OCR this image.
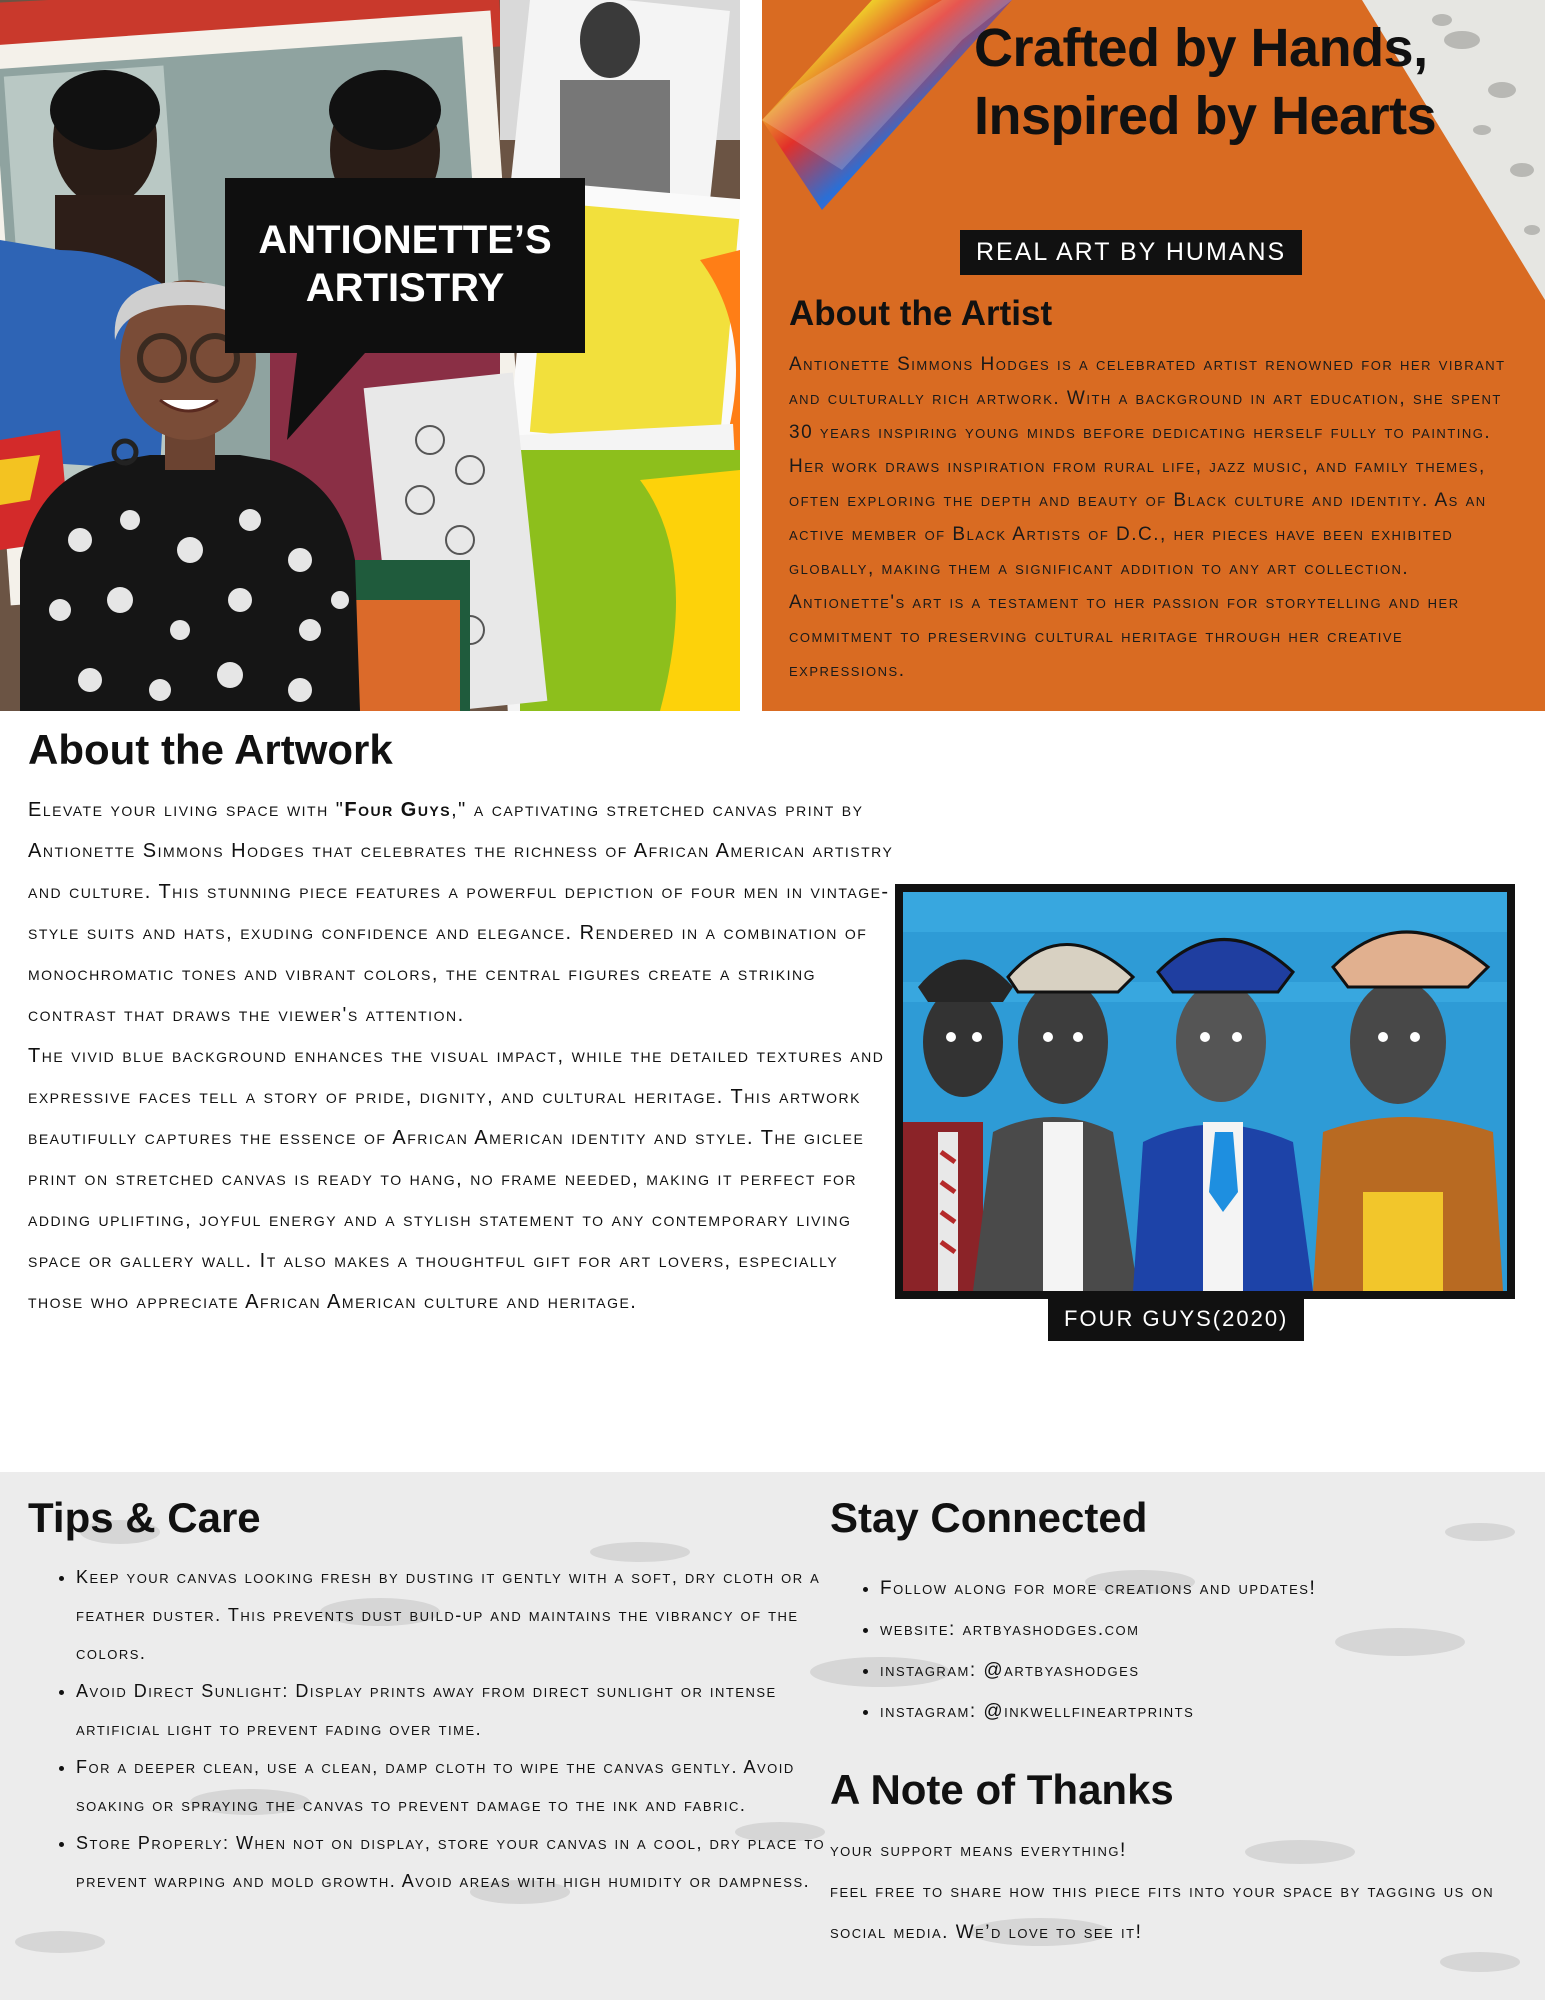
ANTIONETTE’S
ARTISTRY
Crafted by Hands, Inspired by Hearts
REAL ART BY HUMANS
About the Artist

Antionette Simmons Hodges is a celebrated artist renowned for her vibrant and culturally rich artwork. With a background in art education, she spent 30 years inspiring young minds before dedicating herself fully to painting. Her work draws inspiration from rural life, jazz music, and family themes, often exploring the depth and beauty of Black culture and identity. As an active member of Black Artists of D.C., her pieces have been exhibited globally, making them a significant addition to any art collection. Antionette's art is a testament to her passion for storytelling and her commitment to preserving cultural heritage through her creative expressions.

About the Artwork

Elevate your living space with "Four Guys," a captivating stretched canvas print by Antionette Simmons Hodges that celebrates the richness of African American artistry and culture. This stunning piece features a powerful depiction of four men in vintage-style suits and hats, exuding confidence and elegance. Rendered in a combination of monochromatic tones and vibrant colors, the central figures create a striking contrast that draws the viewer's attention.
The vivid blue background enhances the visual impact, while the detailed textures and expressive faces tell a story of pride, dignity, and cultural heritage. This artwork beautifully captures the essence of African American identity and style. The giclee print on stretched canvas is ready to hang, no frame needed, making it perfect for adding uplifting, joyful energy and a stylish statement to any contemporary living space or gallery wall. It also makes a thoughtful gift for art lovers, especially those who appreciate African American culture and heritage.

FOUR GUYS(2020)
Tips & Care
• Keep your canvas looking fresh by dusting it gently with a soft, dry cloth or a feather duster. This prevents dust build-up and maintains the vibrancy of the colors.
• Avoid Direct Sunlight: Display prints away from direct sunlight or intense artificial light to prevent fading over time.
• For a deeper clean, use a clean, damp cloth to wipe the canvas gently. Avoid soaking or spraying the canvas to prevent damage to the ink and fabric.
• Store Properly: When not on display, store your canvas in a cool, dry place to prevent warping and mold growth. Avoid areas with high humidity or dampness.
Stay Connected
• Follow along for more creations and updates!
• website: artbyashodges.com
• instagram: @artbyashodges
• instagram: @inkwellfineartprints
A Note of Thanks

your support means everything!
feel free to share how this piece fits into your space by tagging us on social media. We’d love to see it!
